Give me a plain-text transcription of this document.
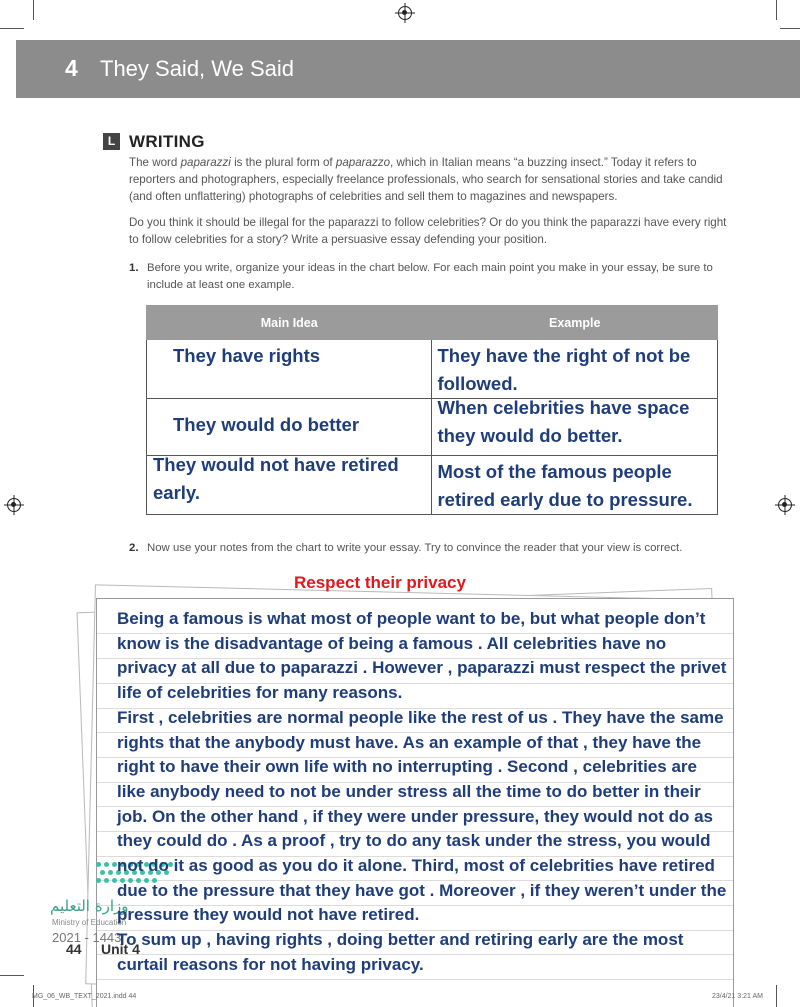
4 They Said, We Said
L WRITING
The word paparazzi is the plural form of paparazzo, which in Italian means “a buzzing insect.” Today it refers to reporters and photographers, especially freelance professionals, who search for sensational stories and take candid (and often unflattering) photographs of celebrities and sell them to magazines and newspapers.
Do you think it should be illegal for the paparazzi to follow celebrities? Or do you think the paparazzi have every right to follow celebrities for a story? Write a persuasive essay defending your position.
1. Before you write, organize your ideas in the chart below. For each main point you make in your essay, be sure to include at least one example.
Main Idea	Example

They have rights	They have the right of not be followed.

They would do better	When celebrities have space they would do better.

They would not have retired early.	Most of the famous people retired early due to pressure.
2. Now use your notes from the chart to write your essay. Try to convince the reader that your view is correct.
Respect their privacy
وزارة التعليم
Ministry of Education
2021 - 1443
44 Unit 4

Being a famous is what most of people want to be, but what people don’t know is the disadvantage of being a famous . All celebrities have no privacy at all due to paparazzi . However , paparazzi must respect the privet life of celebrities for many reasons.

First , celebrities are normal people like the rest of us . They have the same rights that the anybody must have. As an example of that , they have the right to have their own life with no interrupting . Second , celebrities are like anybody need to not be under stress all the time to do better in their job. On the other hand , if they were under pressure, they would not do as they could do . As a proof , try to do any task under the stress, you would not do it as good as you do it alone. Third, most of celebrities have retired due to the pressure that they have got . Moreover , if they weren’t under the pressure they would not have retired.

To sum up , having rights , doing better and retiring early are the most curtail reasons for not having privacy.

MG_06_WB_TEXT_2021.indd 44	23/4/21 3:21 AM
